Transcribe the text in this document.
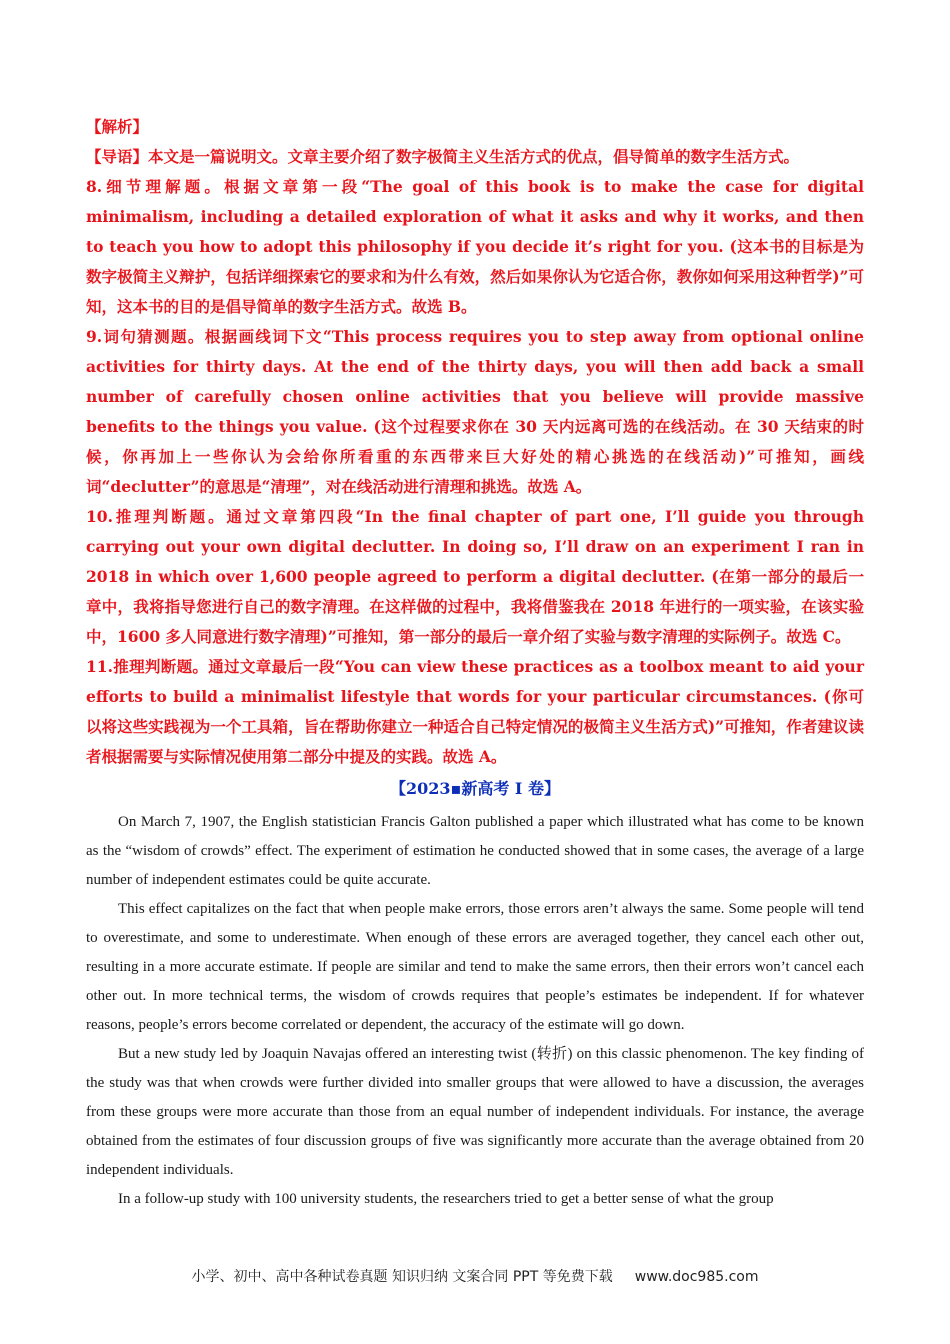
【解析】

【导语】本文是一篇说明文。文章主要介绍了数字极简主义生活方式的优点，倡导简单的数字生活方式。

8.细节理解题。根据文章第一段“The goal of this book is to make the case for digital minimalism, including a detailed exploration of what it asks and why it works, and then to teach you how to adopt this philosophy if you decide it’s right for you. (这本书的目标是为数字极简主义辩护，包括详细探索它的要求和为什么有效，然后如果你认为它适合你，教你如何采用这种哲学)”可知，这本书的目的是倡导简单的数字生活方式。故选 B。

9.词句猜测题。根据画线词下文“This process requires you to step away from optional online activities for thirty days. At the end of the thirty days, you will then add back a small number of carefully chosen online activities that you believe will provide massive benefits to the things you value. (这个过程要求你在 30 天内远离可选的在线活动。在 30 天结束的时候，你再加上一些你认为会给你所看重的东西带来巨大好处的精心挑选的在线活动)”可推知，画线词“declutter”的意思是“清理”，对在线活动进行清理和挑选。故选 A。

10.推理判断题。通过文章第四段“In the final chapter of part one, I’ll guide you through carrying out your own digital declutter. In doing so, I’ll draw on an experiment I ran in 2018 in which over 1,600 people agreed to perform a digital declutter. (在第一部分的最后一章中，我将指导您进行自己的数字清理。在这样做的过程中，我将借鉴我在 2018 年进行的一项实验，在该实验中，1600 多人同意进行数字清理)”可推知，第一部分的最后一章介绍了实验与数字清理的实际例子。故选 C。

11.推理判断题。通过文章最后一段“You can view these practices as a toolbox meant to aid your efforts to build a minimalist lifestyle that words for your particular circumstances. (你可以将这些实践视为一个工具箱，旨在帮助你建立一种适合自己特定情况的极简主义生活方式)”可推知，作者建议读者根据需要与实际情况使用第二部分中提及的实践。故选 A。

【2023▪新高考 I 卷】

On March 7, 1907, the English statistician Francis Galton published a paper which illustrated what has come to be known as the “wisdom of crowds” effect. The experiment of estimation he conducted showed that in some cases, the average of a large number of independent estimates could be quite accurate.

This effect capitalizes on the fact that when people make errors, those errors aren’t always the same. Some people will tend to overestimate, and some to underestimate. When enough of these errors are averaged together, they cancel each other out, resulting in a more accurate estimate. If people are similar and tend to make the same errors, then their errors won’t cancel each other out. In more technical terms, the wisdom of crowds requires that people’s estimates be independent. If for whatever reasons, people’s errors become correlated or dependent, the accuracy of the estimate will go down.

But a new study led by Joaquin Navajas offered an interesting twist (转折) on this classic phenomenon. The key finding of the study was that when crowds were further divided into smaller groups that were allowed to have a discussion, the averages from these groups were more accurate than those from an equal number of independent individuals. For instance, the average obtained from the estimates of four discussion groups of five was significantly more accurate than the average obtained from 20 independent individuals.

In a follow-up study with 100 university students, the researchers tried to get a better sense of what the group

小学、初中、高中各种试卷真题 知识归纳 文案合同 PPT 等免费下载 www.doc985.com
